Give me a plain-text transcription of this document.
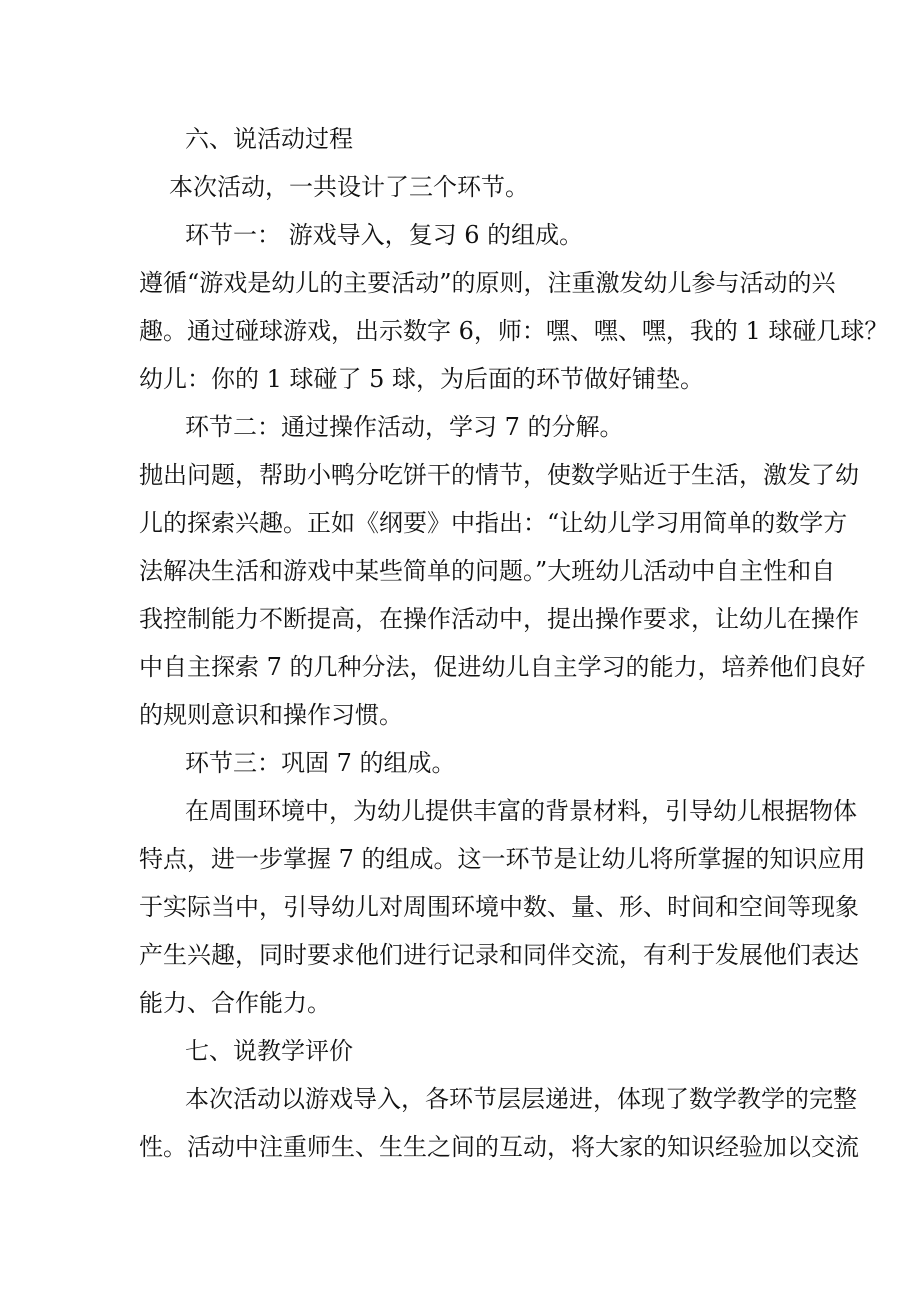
六、说活动过程
本次活动，一共设计了三个环节。
环节一： 游戏导入，复习 6 的组成。
遵循“游戏是幼儿的主要活动”的原则，注重激发幼儿参与活动的兴
趣。通过碰球游戏，出示数字 6，师：嘿、嘿、嘿，我的 1 球碰几球？
幼儿：你的 1 球碰了 5 球，为后面的环节做好铺垫。
环节二：通过操作活动，学习 7 的分解。
抛出问题，帮助小鸭分吃饼干的情节，使数学贴近于生活，激发了幼
儿的探索兴趣。正如《纲要》中指出：“让幼儿学习用简单的数学方
法解决生活和游戏中某些简单的问题。”大班幼儿活动中自主性和自
我控制能力不断提高，在操作活动中，提出操作要求，让幼儿在操作
中自主探索 7 的几种分法，促进幼儿自主学习的能力，培养他们良好
的规则意识和操作习惯。
环节三：巩固 7 的组成。
在周围环境中，为幼儿提供丰富的背景材料，引导幼儿根据物体
特点，进一步掌握 7 的组成。这一环节是让幼儿将所掌握的知识应用
于实际当中，引导幼儿对周围环境中数、量、形、时间和空间等现象
产生兴趣，同时要求他们进行记录和同伴交流，有利于发展他们表达
能力、合作能力。
七、说教学评价
本次活动以游戏导入，各环节层层递进，体现了数学教学的完整
性。活动中注重师生、生生之间的互动，将大家的知识经验加以交流
